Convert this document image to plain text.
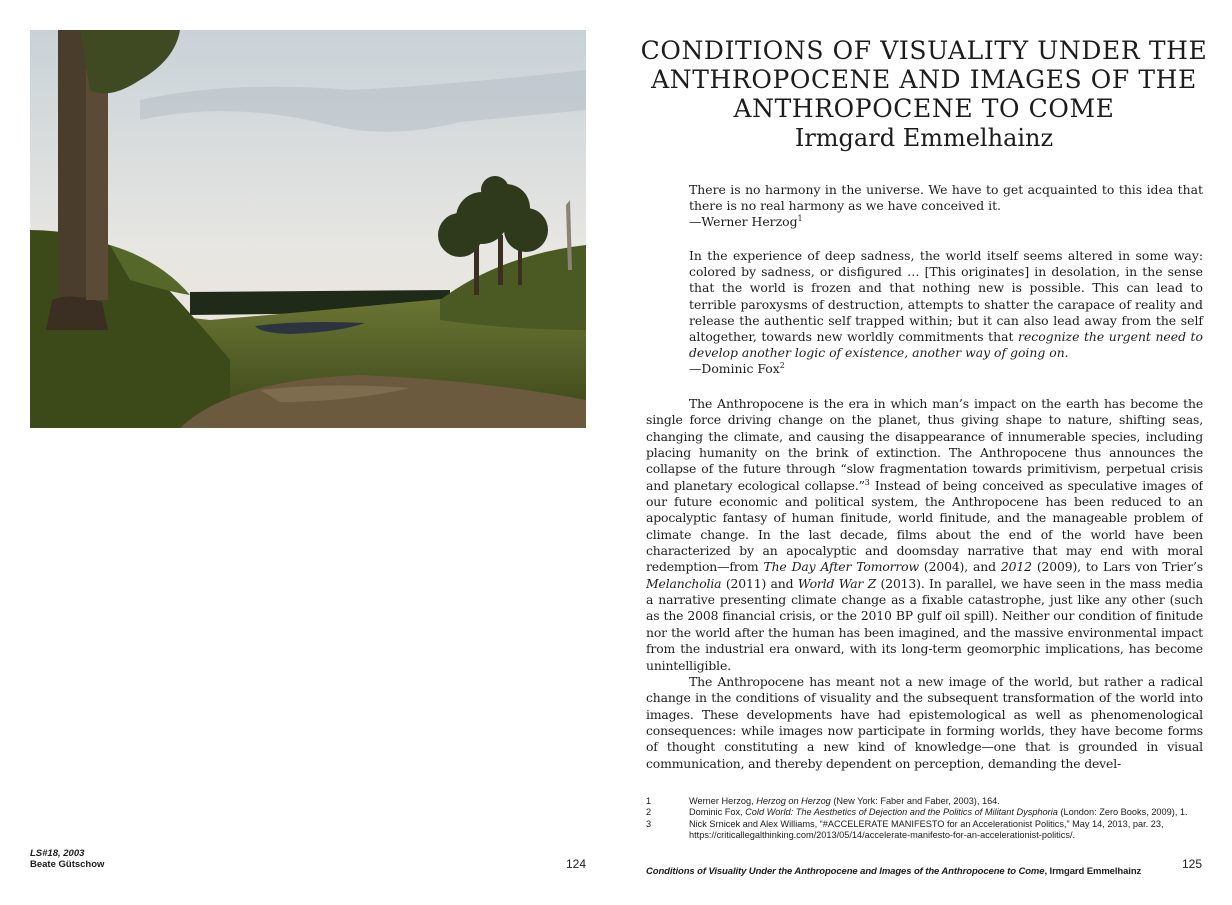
LS#18, 2003
Beate Gütschow	124
CONDITIONS OF VISUALITY UNDER THE ANTHROPOCENE AND IMAGES OF THE ANTHROPOCENE TO COME
Irmgard Emmelhainz

There is no harmony in the universe. We have to get acquainted to this idea that there is no real harmony as we have conceived it.

—Werner Herzog$^1$

In the experience of deep sadness, the world itself seems altered in some way: colored by sadness, or disfigured … [This originates] in desolation, in the sense that the world is frozen and that nothing new is possible. This can lead to terrible paroxysms of destruction, attempts to shatter the carapace of reality and release the authentic self trapped within; but it can also lead away from the self altogether, towards new worldly commitments that recognize the urgent need to develop another logic of existence, another way of going on.

—Dominic Fox$^2$

The Anthropocene is the era in which man’s impact on the earth has become the single force driving change on the planet, thus giving shape to nature, shifting seas, changing the climate, and causing the disappearance of innumerable species, including placing humanity on the brink of extinction. The Anthropocene thus announces the collapse of the future through “slow fragmentation towards primitivism, perpetual crisis and planetary ecological collapse.”$^3$ Instead of being conceived as speculative images of our future economic and political system, the Anthropocene has been reduced to an apocalyptic fantasy of human finitude, world finitude, and the manageable problem of climate change. In the last decade, films about the end of the world have been characterized by an apocalyptic and doomsday narrative that may end with moral redemption—from The Day After Tomorrow (2004), and 2012 (2009), to Lars von Trier’s Melancholia (2011) and World War Z (2013). In parallel, we have seen in the mass media a narrative presenting climate change as a fixable catastrophe, just like any other (such as the 2008 financial crisis, or the 2010 BP gulf oil spill). Neither our condition of finitude nor the world after the human has been imagined, and the massive environmental impact from the industrial era onward, with its long-term geomorphic implications, has become unintelligible.

The Anthropocene has meant not a new image of the world, but rather a radical change in the conditions of visuality and the subsequent transformation of the world into images. These developments have had epistemological as well as phenomenological consequences: while images now participate in forming worlds, they have become forms of thought constituting a new kind of knowledge—one that is grounded in visual communication, and thereby dependent on perception, demanding the devel-

1	Werner Herzog, Herzog on Herzog (New York: Faber and Faber, 2003), 164.
2	Dominic Fox, Cold World: The Aesthetics of Dejection and the Politics of Militant Dysphoria (London: Zero Books, 2009), 1.
3	Nick Srnicek and Alex Williams, “#ACCELERATE MANIFESTO for an Accelerationist Politics,” May 14, 2013, par. 23, https://criticallegalthinking.com/2013/05/14/accelerate-manifesto-for-an-accelerationist-politics/.
Conditions of Visuality Under the Anthropocene and Images of the Anthropocene to Come, Irmgard Emmelhainz
125
